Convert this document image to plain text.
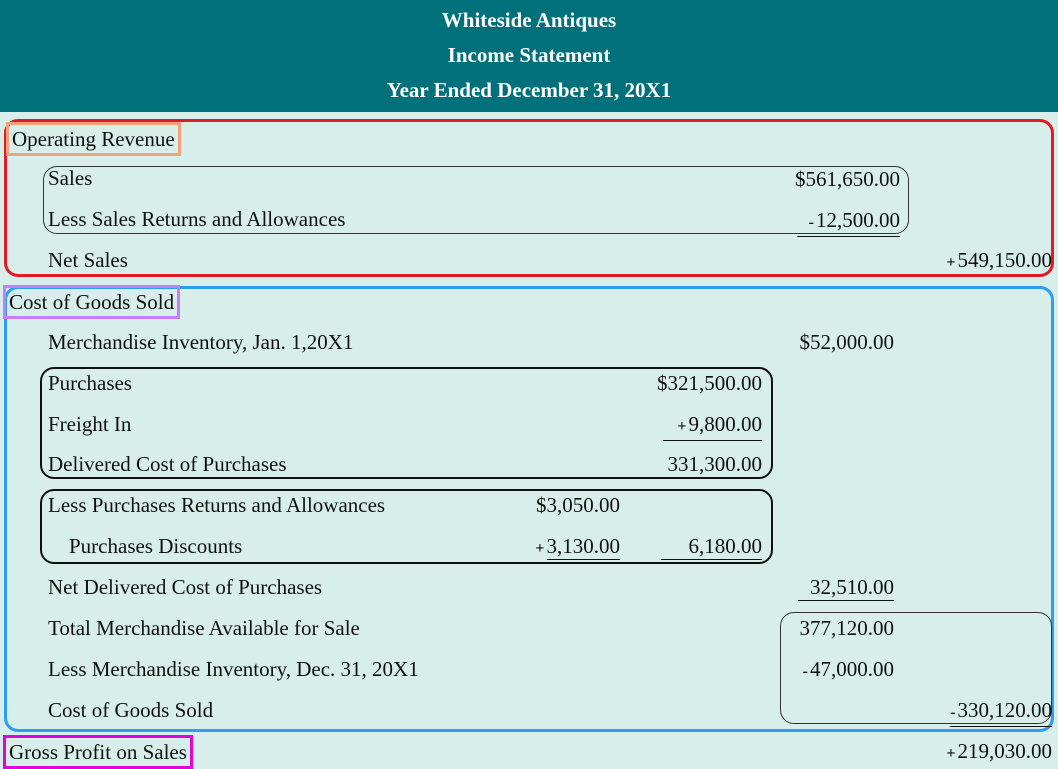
Whiteside Antiques
Income Statement
Year Ended December 31, 20X1
Operating Revenue
Sales	$561,650.00
Less Sales Returns and Allowances	-12,500.00
Net Sales	+549,150.00
Cost of Goods Sold
Merchandise Inventory, Jan. 1,20X1	$52,000.00
Purchases	$321,500.00
Freight In	+9,800.00
Delivered Cost of Purchases	331,300.00
Less Purchases Returns and Allowances	$3,050.00
Purchases Discounts	+3,130.00	6,180.00
Net Delivered Cost of Purchases	32,510.00
Total Merchandise Available for Sale	377,120.00
Less Merchandise Inventory, Dec. 31, 20X1	-47,000.00
Cost of Goods Sold	-330,120.00
Gross Profit on Sales	+219,030.00
